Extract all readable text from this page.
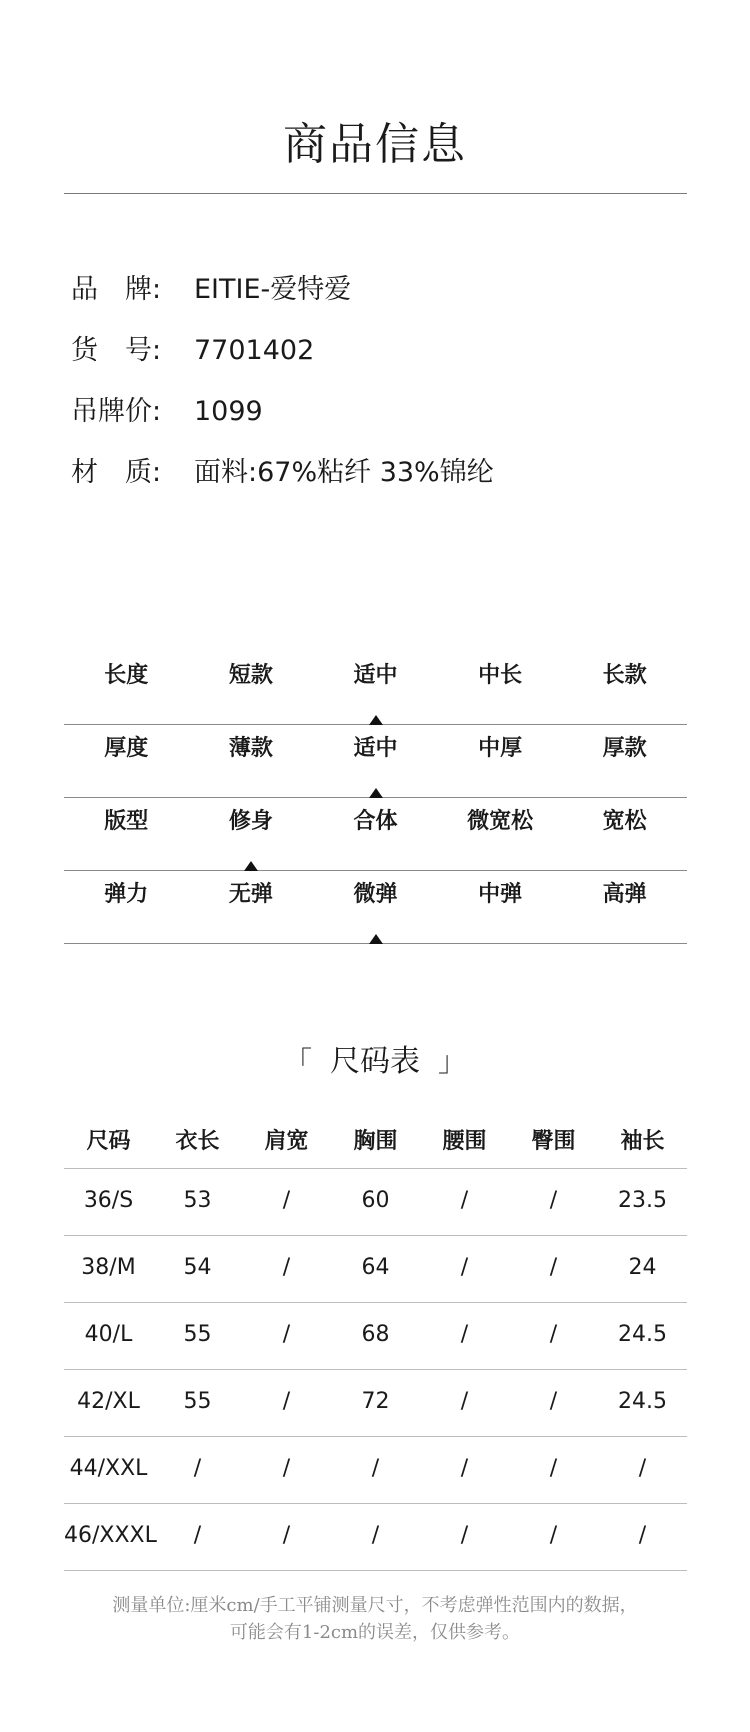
商品信息
品　牌:	EITIE-爱特爱
货　号:	7701402
吊牌价:	1099
材　质:	面料:67%粘纤 33%锦纶
长度	短款	适中	中长	长款
厚度	薄款	适中	中厚	厚款
版型	修身	合体	微宽松	宽松
弹力	无弹	微弹	中弹	高弹
「 尺码表 」
尺码	衣长	肩宽	胸围	腰围	臀围	袖长
36/S	53	/	60	/	/	23.5
38/M	54	/	64	/	/	24
40/L	55	/	68	/	/	24.5
42/XL	55	/	72	/	/	24.5
44/XXL	/	/	/	/	/	/
46/XXXL	/	/	/	/	/	/
测量单位:厘米cm/手工平铺测量尺寸，不考虑弹性范围内的数据，
可能会有1-2cm的误差，仅供参考。
